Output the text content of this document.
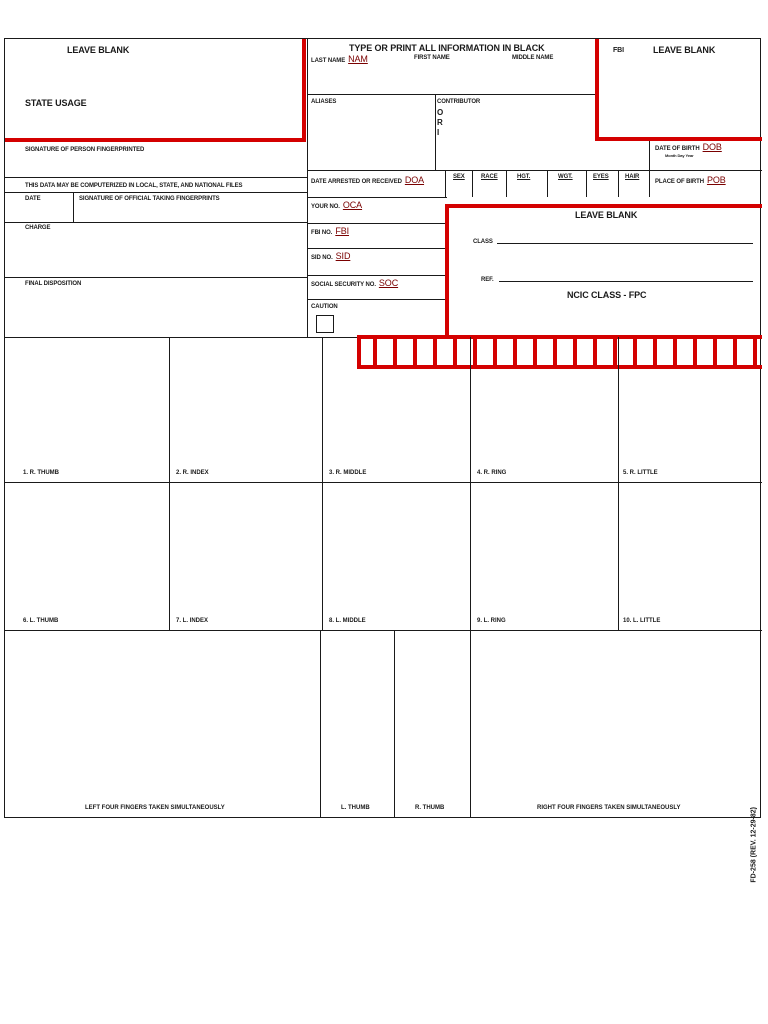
LEAVE BLANK
STATE USAGE
SIGNATURE OF PERSON FINGERPRINTED
THIS DATA MAY BE COMPUTERIZED IN LOCAL, STATE, AND NATIONAL FILES
DATE	SIGNATURE OF OFFICIAL TAKING FINGERPRINTS
CHARGE
FINAL DISPOSITION
TYPE OR PRINT ALL INFORMATION IN BLACK
LAST NAME NAM	FIRST NAME	MIDDLE NAME
ALIASES	CONTRIBUTOR
O
R
I
DATE ARRESTED OR RECEIVED DOA	SEX	RACE	HGT.	WGT.	EYES	HAIR
YOUR NO. OCA
FBI NO. FBI
SID NO. SID
SOCIAL SECURITY NO. SOC
CAUTION
FBI	LEAVE BLANK
DATE OF BIRTH DOB
Month Day Year
PLACE OF BIRTH POB
LEAVE BLANK
CLASS
REF.
NCIC CLASS - FPC
1. R. THUMB	2. R. INDEX	3. R. MIDDLE	4. R. RING	5. R. LITTLE
6. L. THUMB	7. L. INDEX	8. L. MIDDLE	9. L. RING	10. L. LITTLE
LEFT FOUR FINGERS TAKEN SIMULTANEOUSLY	L. THUMB	R. THUMB	RIGHT FOUR FINGERS TAKEN SIMULTANEOUSLY	FD-258 (REV. 12-29-82)
